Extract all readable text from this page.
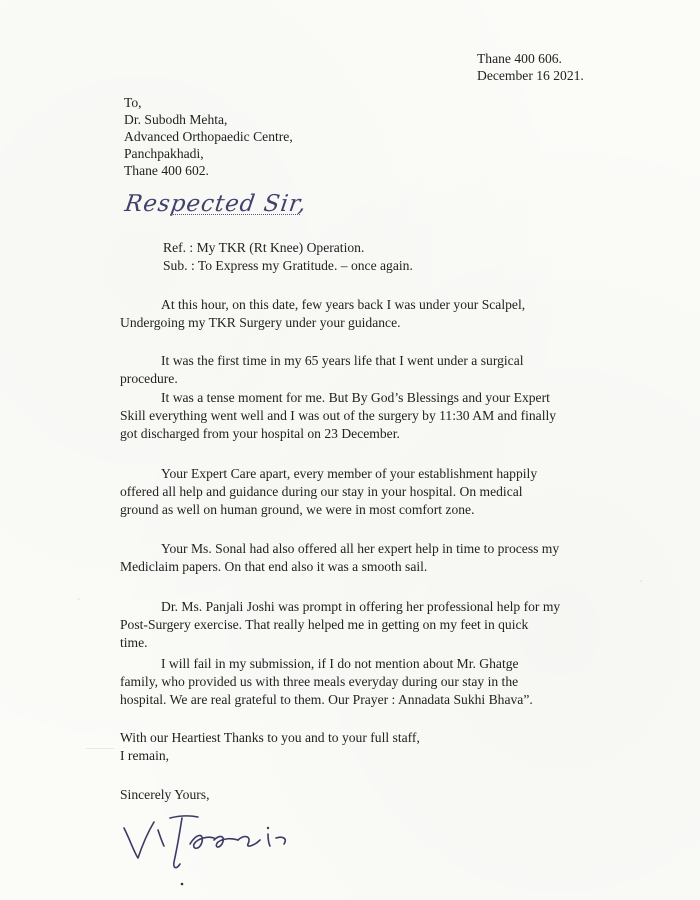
Thane 400 606.
December 16 2021.
To,
Dr. Subodh Mehta,
Advanced Orthopaedic Centre,
Panchpakhadi,
Thane 400 602.
Respected Sir,
Ref. : My TKR (Rt Knee) Operation.
Sub. : To Express my Gratitude. – once again.
At this hour, on this date, few years back I was under your Scalpel,
Undergoing my TKR Surgery under your guidance.
It was the first time in my 65 years life that I went under a surgical
procedure.
It was a tense moment for me. But By God’s Blessings and your Expert
Skill everything went well and I was out of the surgery by 11:30 AM and finally
got discharged from your hospital on 23 December.
Your Expert Care apart, every member of your establishment happily
offered all help and guidance during our stay in your hospital. On medical
ground as well on human ground, we were in most comfort zone.
Your Ms. Sonal had also offered all her expert help in time to process my
Mediclaim papers. On that end also it was a smooth sail.
Dr. Ms. Panjali Joshi was prompt in offering her professional help for my
Post-Surgery exercise. That really helped me in getting on my feet in quick
time.
I will fail in my submission, if I do not mention about Mr. Ghatge
family, who provided us with three meals everyday during our stay in the
hospital. We are real grateful to them. Our Prayer : Annadata Sukhi Bhava”.
With our Heartiest Thanks to you and to your full staff,
I remain,
Sincerely Yours,
